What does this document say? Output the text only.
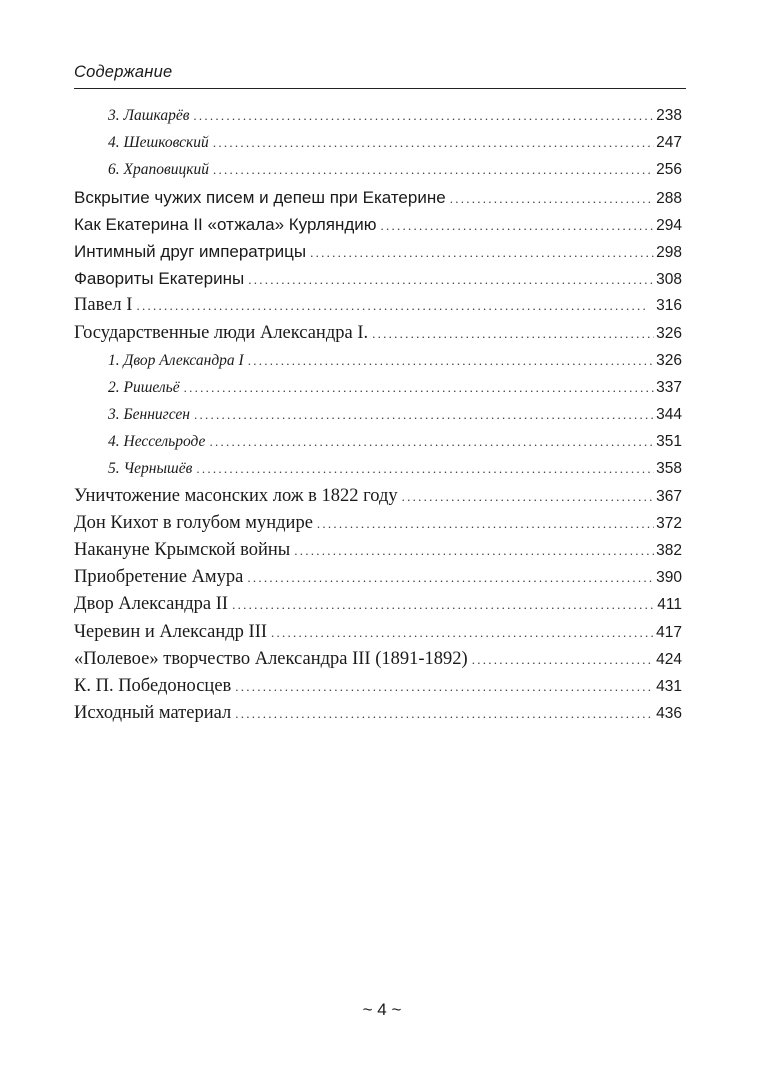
Содержание
3. Лашкарёв . . .	238
4. Шешковский . . .	247
6. Храповицкий . . .	256
Вскрытие чужих писем и депеш при Екатерине . . .	288
Как Екатерина II «отжала» Курляндию . . .	294
Интимный друг императрицы . . .	298
Фавориты Екатерины . . .	308
Павел I . . .	316
Государственные люди Александра I. . . .	326
1. Двор Александра I . . .	326
2. Ришельё . . .	337
3. Беннигсен . . .	344
4. Нессельроде . . .	351
5. Чернышёв . . .	358
Уничтожение масонских лож в 1822 году . . .	367
Дон Кихот в голубом мундире . . .	372
Накануне Крымской войны . . .	382
Приобретение Амура . . .	390
Двор Александра II . . .	411
Черевин и Александр III . . .	417
«Полевое» творчество Александра III (1891-1892) . . .	424
К. П. Победоносцев . . .	431
Исходный материал . . .	436
~ 4 ~
